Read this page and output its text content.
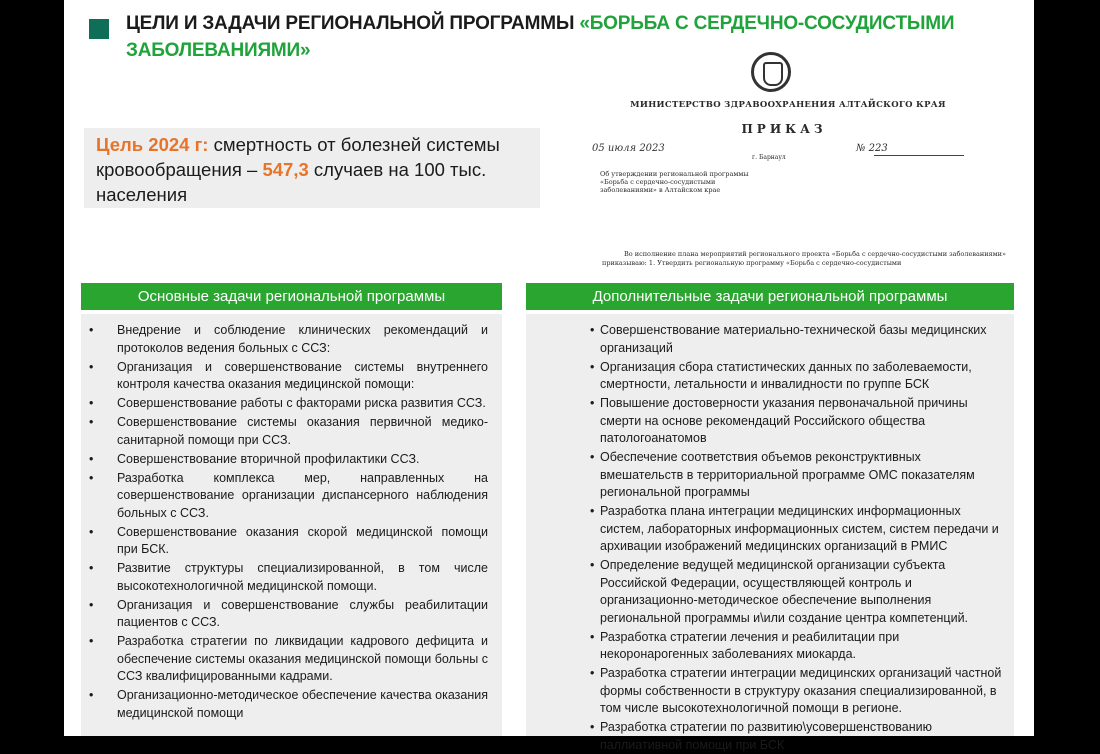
ЦЕЛИ И ЗАДАЧИ РЕГИОНАЛЬНОЙ ПРОГРАММЫ «БОРЬБА С СЕРДЕЧНО-СОСУДИСТЫМИ ЗАБОЛЕВАНИЯМИ»
Цель 2024 г: смертность от болезней системы кровообращения – 547,3 случаев на 100 тыс. населения
МИНИСТЕРСТВО ЗДРАВООХРАНЕНИЯ АЛТАЙСКОГО КРАЯ
ПРИКАЗ
05 июля 2023
г. Барнаул
№ 223
Об утверждении региональной программы «Борьба с сердечно-сосудистыми заболеваниями» в Алтайском крае
Во исполнение плана мероприятий регионального проекта «Борьба с сердечно-сосудистыми заболеваниями» приказываю: 1. Утвердить региональную программу «Борьба с сердечно-сосудистыми
Основные задачи региональной программы
• Внедрение и соблюдение клинических рекомендаций и протоколов ведения больных с ССЗ:
• Организация и совершенствование системы внутреннего контроля качества оказания медицинской помощи:
• Совершенствование работы с факторами риска развития ССЗ.
• Совершенствование системы оказания первичной медико-санитарной помощи при ССЗ.
• Совершенствование вторичной профилактики ССЗ.
• Разработка комплекса мер, направленных на совершенствование организации диспансерного наблюдения больных с ССЗ.
• Совершенствование оказания скорой медицинской помощи при БСК.
• Развитие структуры специализированной, в том числе высокотехнологичной медицинской помощи.
• Организация и совершенствование службы реабилитации пациентов с ССЗ.
• Разработка стратегии по ликвидации кадрового дефицита и обеспечение системы оказания медицинской помощи больны с ССЗ квалифицированными кадрами.
• Организационно-методическое обеспечение качества оказания медицинской помощи
Дополнительные задачи региональной программы
• Совершенствование материально-технической базы медицинских организаций
• Организация сбора статистических данных по заболеваемости, смертности, летальности и инвалидности по группе БСК
• Повышение достоверности указания первоначальной причины смерти на основе рекомендаций Российского общества патологоанатомов
• Обеспечение соответствия объемов реконструктивных вмешательств в территориальной программе ОМС показателям региональной программы
• Разработка плана интеграции медицинских информационных систем, лабораторных информационных систем, систем передачи и архивации изображений медицинских организаций в РМИС
• Определение ведущей медицинской организации субъекта Российской Федерации, осуществляющей контроль и организационно-методическое обеспечение выполнения региональной программы и\или создание центра компетенций.
• Разработка стратегии лечения и реабилитации при некоронарогенных заболеваниях миокарда.
• Разработка стратегии интеграции медицинских организаций частной формы собственности в структуру оказания специализированной, в том числе высокотехнологичной помощи в регионе.
• Разработка стратегии по развитию\усовершенствованию паллиативной помощи при БСК
